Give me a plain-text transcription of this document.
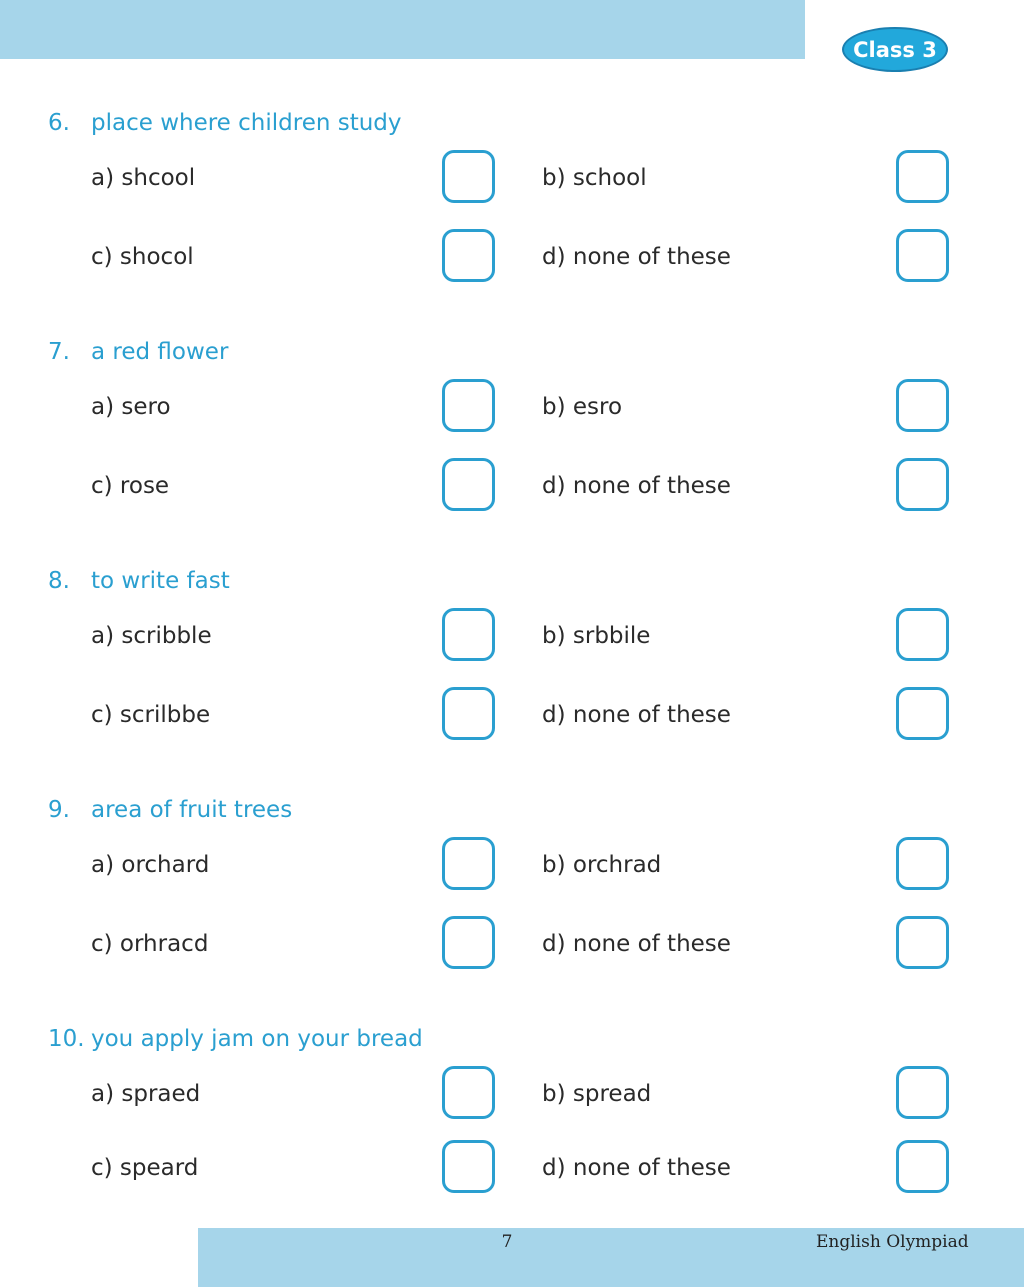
Class 3
6. place where children study
a) shcool	b) school
c) shocol	d) none of these
7. a red flower
a) sero	b) esro
c) rose	d) none of these
8. to write fast
a) scribble	b) srbbile
c) scrilbbe	d) none of these
9. area of fruit trees
a) orchard	b) orchrad
c) orhracd	d) none of these
10. you apply jam on your bread
a) spraed	b) spread
c) speard	d) none of these
7	English Olympiad
